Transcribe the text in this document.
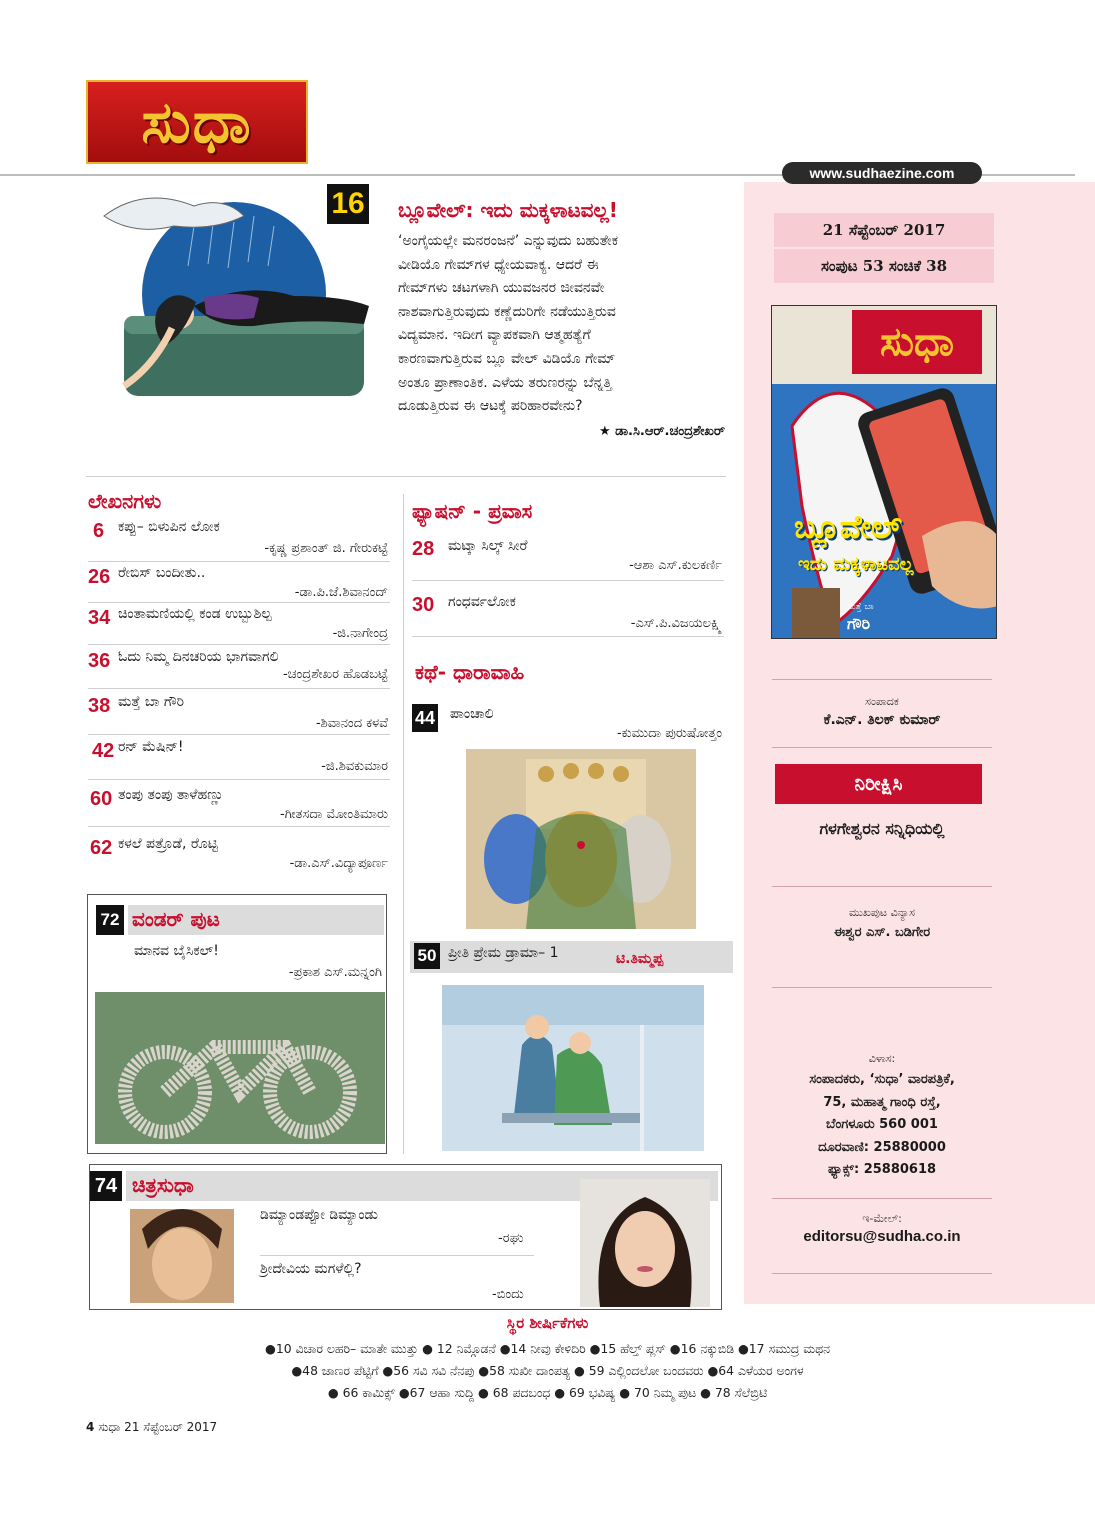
ಸುಧಾ
www.sudhaezine.com
16 ಬ್ಲೂವೇಲ್: ಇದು ಮಕ್ಕಳಾಟವಲ್ಲ!
‘ಅಂಗೈಯಲ್ಲೇ ಮನರಂಜನೆ’ ಎನ್ನುವುದು ಬಹುತೇಕ
ವೀಡಿಯೊ ಗೇಮ್‌ಗಳ ಧ್ಯೇಯವಾಕ್ಯ. ಆದರೆ ಈ
ಗೇಮ್‌ಗಳು ಚಟಗಳಾಗಿ ಯುವಜನರ ಜೀವನವೇ
ನಾಶವಾಗುತ್ತಿರುವುದು ಕಣ್ಣೆದುರಿಗೇ ನಡೆಯುತ್ತಿರುವ
ವಿದ್ಯಮಾನ. ಇದೀಗ ವ್ಯಾಪಕವಾಗಿ ಆತ್ಮಹತ್ಯೆಗೆ
ಕಾರಣವಾಗುತ್ತಿರುವ ಬ್ಲೂ ವೇಲ್ ವಿಡಿಯೊ ಗೇಮ್
ಅಂತೂ ಪ್ರಾಣಾಂತಿಕ. ಎಳೆಯ ತರುಣರನ್ನು ಬೆನ್ನತ್ತಿ
ದೂಡುತ್ತಿರುವ ಈ ಆಟಕ್ಕೆ ಪರಿಹಾರವೇನು?
★ ಡಾ.ಸಿ.ಆರ್.ಚಂದ್ರಶೇಖರ್
ಲೇಖನಗಳು
6 ಕಪ್ಪು– ಬಿಳುಪಿನ ಲೋಕ
-ಕೃಷ್ಣ ಪ್ರಶಾಂತ್ ಜಿ. ಗೇರುಕಟ್ಟೆ
26 ರೇಬಿಸ್ ಬಂದೀತು..
-ಡಾ.ಪಿ.ಜೆ.ಶಿವಾನಂದ್
34 ಚಿಂತಾಮಣಿಯಲ್ಲಿ ಕಂಡ ಉಬ್ಬುಶಿಲ್ಪ
-ಜಿ.ನಾಗೇಂದ್ರ
36 ಓದು ನಿಮ್ಮ ದಿನಚರಿಯ ಭಾಗವಾಗಲಿ
-ಚಂದ್ರಶೇಖರ ಹೊಡಬಟ್ಟೆ
38 ಮತ್ತೆ ಬಾ ಗೌರಿ
-ಶಿವಾನಂದ ಕಳವೆ
42 ರನ್ ಮೆಷಿನ್!
-ಜಿ.ಶಿವಕುಮಾರ
60 ತಂಪು ತಂಪು ತಾಳೆಹಣ್ಣು
-ಗೀತಸದಾ ಮೋಂತಿಮಾರು
62 ಕಳಲೆ ಪತ್ರೊಡೆ, ರೊಟ್ಟಿ
-ಡಾ.ಎಸ್.ವಿದ್ಯಾಪೂರ್ಣ
ಫ್ಯಾಷನ್ - ಪ್ರವಾಸ
28 ಮಟ್ಕಾ ಸಿಲ್ಕ್ ಸೀರೆ
-ಆಶಾ ಎಸ್.ಕುಲಕರ್ಣಿ
30 ಗಂಧರ್ವಲೋಕ
-ಎಸ್.ಪಿ.ವಿಜಯಲಕ್ಷ್ಮಿ
ಕಥೆ- ಧಾರಾವಾಹಿ
44 ಪಾಂಚಾಲಿ
-ಕುಮುದಾ ಪುರುಷೋತ್ತಂ
50 ಪ್ರೀತಿ ಪ್ರೇಮ ಡ್ರಾಮಾ– 1	ಟಿ.ತಿಮ್ಮಪ್ಪ
72 ವಂಡರ್ ಪುಟ
ಮಾನವ ಬೈಸಿಕಲ್!
-ಪ್ರಕಾಶ ಎಸ್.ಮನ್ನಂಗಿ
74 ಚಿತ್ರಸುಧಾ
ಡಿಮ್ಯಾಂಡಪ್ಪೋ ಡಿಮ್ಯಾಂಡು
-ರಘು
ಶ್ರೀದೇವಿಯ ಮಗಳೆಲ್ಲಿ?
-ಬಿಂದು
21 ಸೆಪ್ಟೆಂಬರ್ 2017
ಸಂಪುಟ 53 ಸಂಚಿಕೆ 38
ಸುಧಾ
ಬ್ಲೂವೇಲ್
ಇದು ಮಕ್ಕಳಾಟವಲ್ಲ
ಮತ್ತೆ ಬಾ
ಗೌರಿ
ಸಂಪಾದಕ
ಕೆ.ಎನ್. ತಿಲಕ್ ಕುಮಾರ್
ನಿರೀಕ್ಷಿಸಿ
ಗಳಗೇಶ್ವರನ ಸನ್ನಿಧಿಯಲ್ಲಿ
ಮುಖಪುಟ ವಿನ್ಯಾಸ
ಈಶ್ವರ ಎಸ್. ಬಡಿಗೇರ
ವಿಳಾಸ:
ಸಂಪಾದಕರು, ‘ಸುಧಾ’ ವಾರಪತ್ರಿಕೆ,
75, ಮಹಾತ್ಮ ಗಾಂಧಿ ರಸ್ತೆ,
ಬೆಂಗಳೂರು 560 001
ದೂರವಾಣಿ: 25880000
ಫ್ಯಾಕ್ಸ್: 25880618
ಇ-ಮೇಲ್:
editorsu@sudha.co.in
ಸ್ಥಿರ ಶೀರ್ಷಿಕೆಗಳು
●10 ವಿಚಾರ ಲಹರಿ– ಮಾತೇ ಮುತ್ತು ● 12 ನಿಮ್ಗೊಡನೆ ●14 ನೀವು ಕೇಳಿದಿರಿ ●15 ಹೆಲ್ತ್ ಪ್ಲಸ್ ●16 ನಕ್ಕುಬಿಡಿ ●17 ಸಮುದ್ರ ಮಥನ
●48 ಜಾಣರ ಪೆಟ್ಟಿಗೆ ●56 ಸವಿ ಸವಿ ನೆನಪು ●58 ಸುಖೀ ದಾಂಪತ್ಯ ● 59 ಎಲ್ಲಿಂದಲೋ ಬಂದವರು ●64 ಎಳೆಯರ ಅಂಗಳ
● 66 ಕಾಮಿಕ್ಸ್ ●67 ಆಹಾ ಸುದ್ದಿ ● 68 ಪದಬಂಧ ● 69 ಭವಿಷ್ಯ ● 70 ನಿಮ್ಮ ಪುಟ ● 78 ಸೆಲೆಬ್ರಿಟಿ
4 ಸುಧಾ 21 ಸೆಪ್ಟೆಂಬರ್ 2017
